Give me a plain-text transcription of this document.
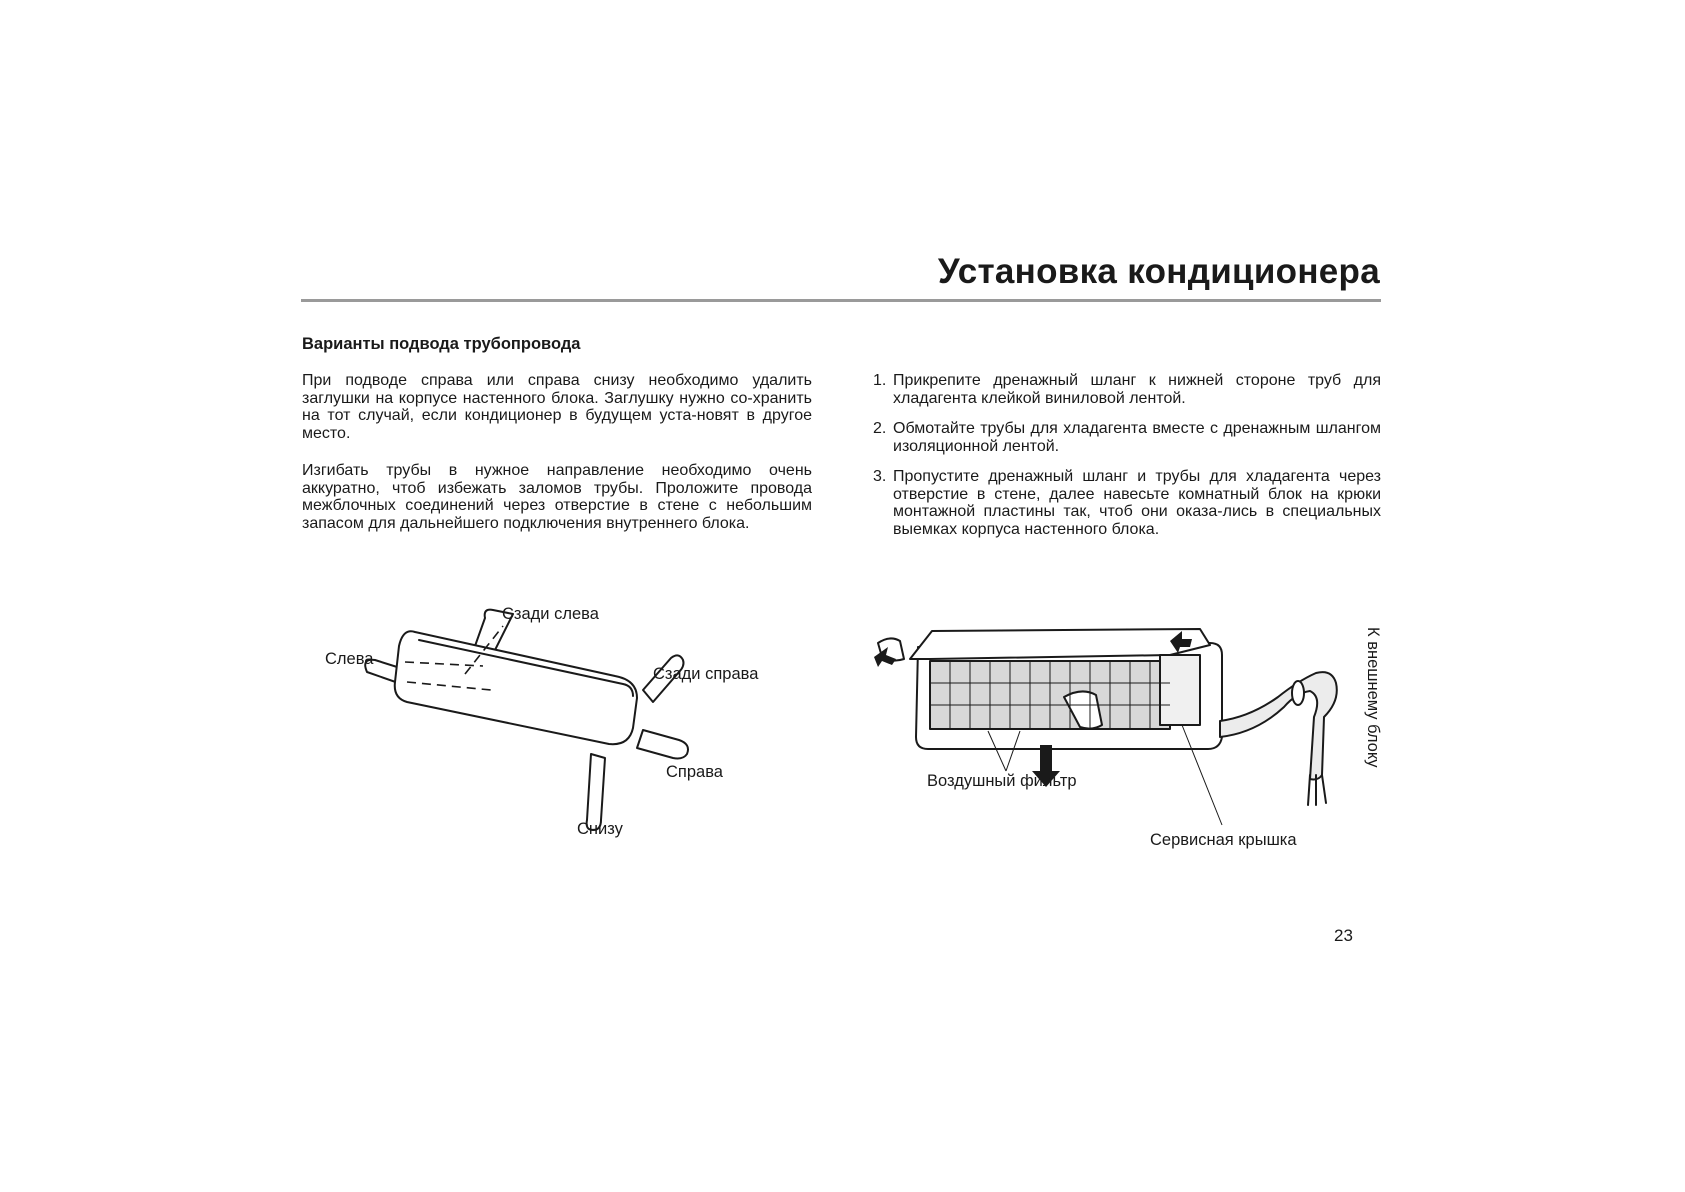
Установка кондиционера
Варианты подвода трубопровода

При подводе справа или справа снизу необходимо удалить заглушки на корпусе настенного блока. Заглушку нужно со-хранить на тот случай, если кондиционер в будущем уста-новят в другое место.

Изгибать трубы в нужное направление необходимо очень аккуратно, чтоб избежать заломов трубы. Проложите провода межблочных соединений через отверстие в стене с небольшим запасом для дальнейшего подключения внутреннего блока.

1. Прикрепите дренажный шланг к нижней стороне труб для хладагента клейкой виниловой лентой.
2. Обмотайте трубы для хладагента вместе с дренажным шлангом изоляционной лентой.
3. Пропустите дренажный шланг и трубы для хладагента через отверстие в стене, далее навесьте комнатный блок на крюки монтажной пластины так, чтоб они оказа-лись в специальных выемках корпуса настенного блока.
Сзади слева
Слева
Сзади справа
Справа
Снизу
Воздушный фильтр
Сервисная крышка
К внешнему блоку
23
